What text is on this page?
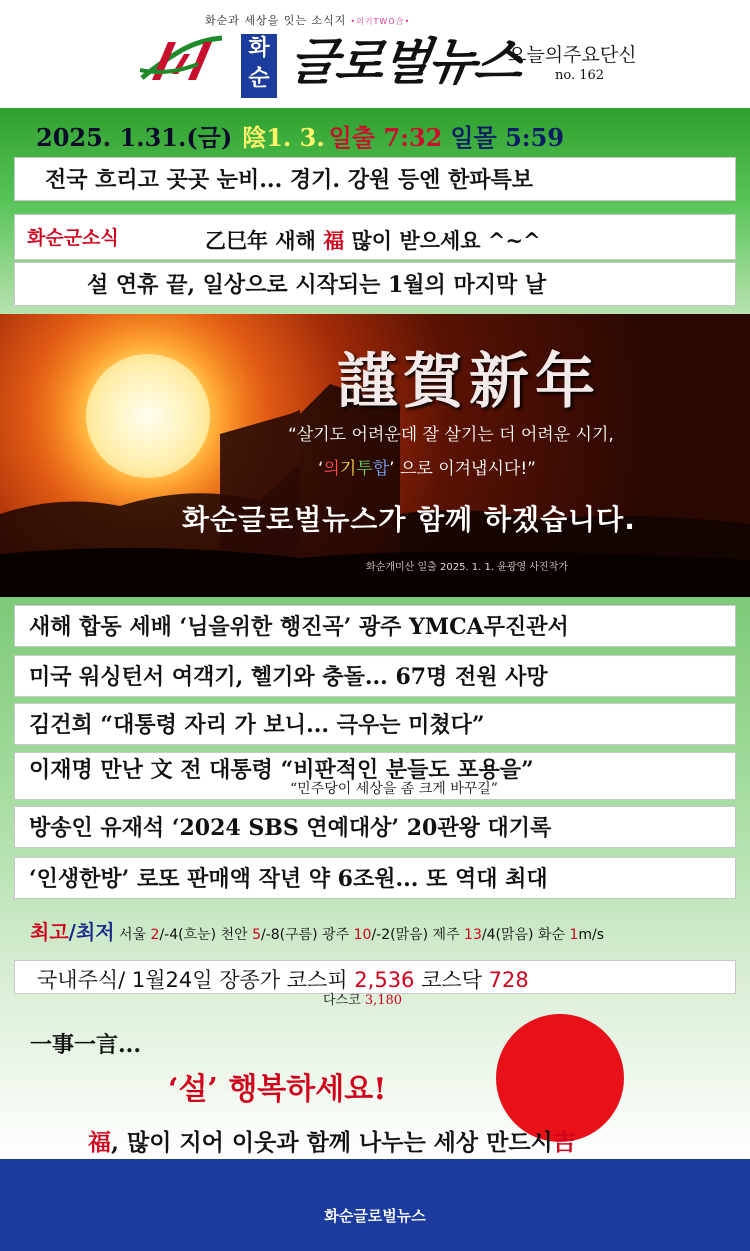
화순과 세상을 잇는 소식지 •의기TWO合•
화
순 글로벌뉴스
오늘의주요단신
no. 162
2025. 1.31.(금) 陰1. 3. 일출 7:32 일몰 5:59
전국 흐리고 곳곳 눈비... 경기. 강원 등엔 한파특보
화순군소식	乙巳年 새해 福 많이 받으세요 ^~^
설 연휴 끝, 일상으로 시작되는 1월의 마지막 날
謹賀新年
“살기도 어려운데 잘 살기는 더 어려운 시기,
‘의기투합’ 으로 이겨냅시다!”
화순글로벌뉴스가 함께 하겠습니다.
화순개미산 일출 2025. 1. 1. 윤광영 사진작가
새해 합동 세배 ‘님을위한 행진곡’ 광주 YMCA무진관서
미국 워싱턴서 여객기, 헬기와 충돌... 67명 전원 사망
김건희 “대통령 자리 가 보니... 극우는 미쳤다”
이재명 만난 文 전 대통령 “비판적인 분들도 포용을”
“민주당이 세상을 좀 크게 바꾸길”
방송인 유재석 ‘2024 SBS 연예대상’ 20관왕 대기록
‘인생한방’ 로또 판매액 작년 약 6조원... 또 역대 최대
최고/최저 서울 2/-4(흐눈) 천안 5/-8(구름) 광주 10/-2(맑음) 제주 13/4(맑음) 화순 1m/s
국내주식/ 1월24일 장종가 코스피 2,536 코스닥 728
다스코 3,180
一事一言...
‘설’ 행복하세요!
福, 많이 지어 이웃과 함께 나누는 세상 만드시吉
화순글로벌뉴스
